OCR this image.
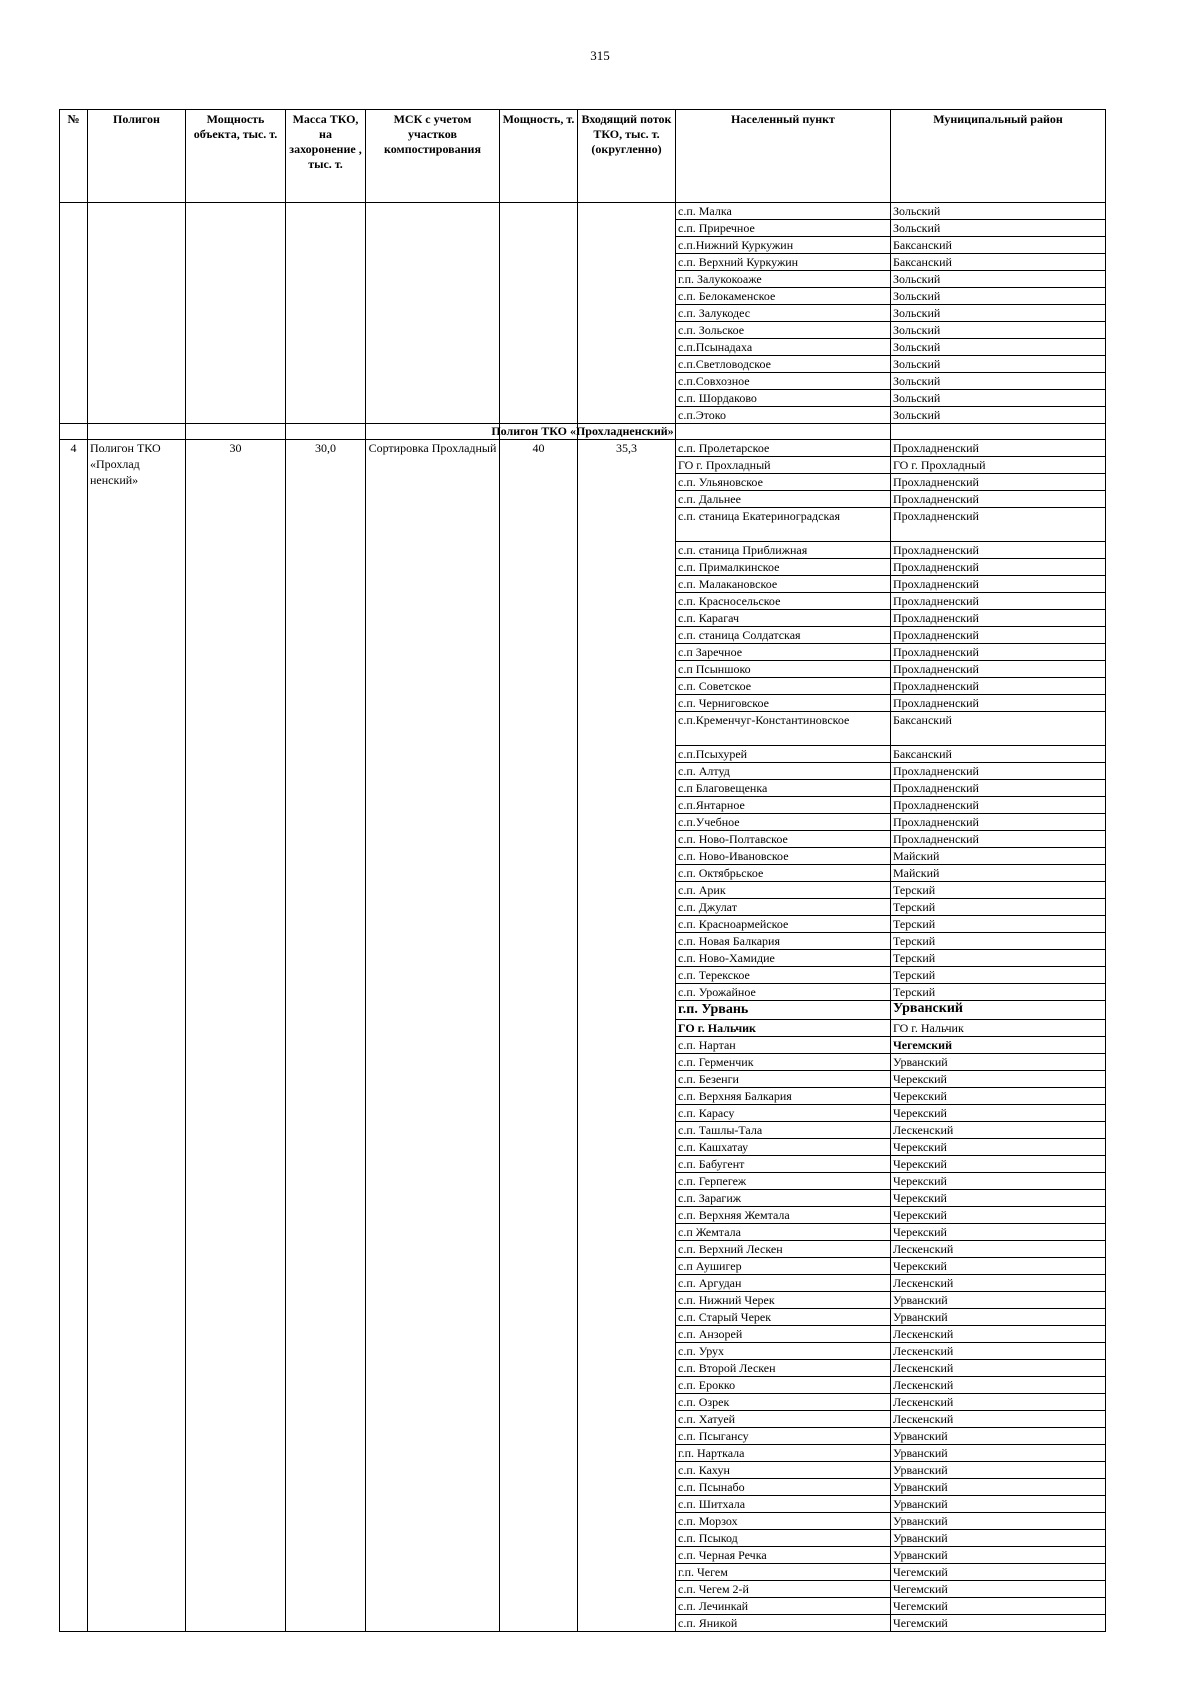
315
№	Полигон	Мощность объекта, тыс. т.	Масса ТКО, на захоронение , тыс. т.	МСК с учетом участков компостирования	Мощность, т.	Входящий поток ТКО, тыс. т. (округленно)	Населенный пункт	Муниципальный район
							с.п. Малка	Зольский
							с.п. Приречное	Зольский
							с.п.Нижний Куркужин	Баксанский
							с.п. Верхний Куркужин	Баксанский
							г.п. Залукокоаже	Зольский
							с.п. Белокаменское	Зольский
							с.п. Залукодес	Зольский
							с.п. Зольское	Зольский
							с.п.Псынадаха	Зольский
							с.п.Светловодское	Зольский
							с.п.Совхозное	Зольский
							с.п. Шордаково	Зольский
							с.п.Этоко	Зольский
Полигон ТКО «Прохладненский»								
4	Полигон ТКО «Прохлад ненский»	30	30,0	Сортировка Прохладный	40	35,3	с.п. Пролетарское	Прохладненский
							ГО г. Прохладный	ГО г. Прохладный
							с.п. Ульяновское	Прохладненский
							с.п. Дальнее	Прохладненский
							с.п. станица Екатериноградская	Прохладненский
							с.п. станица Приближная	Прохладненский
							с.п. Прималкинское	Прохладненский
							с.п. Малакановское	Прохладненский
							с.п. Красносельское	Прохладненский
							с.п. Карагач	Прохладненский
							с.п. станица Солдатская	Прохладненский
							с.п Заречное	Прохладненский
							с.п Псыншоко	Прохладненский
							с.п. Советское	Прохладненский
							с.п. Черниговское	Прохладненский
							с.п.Кременчуг-Константиновское	Баксанский
							с.п.Псыхурей	Баксанский
							с.п. Алтуд	Прохладненский
							с.п Благовещенка	Прохладненский
							с.п.Янтарное	Прохладненский
							с.п.Учебное	Прохладненский
							с.п. Ново-Полтавское	Прохладненский
							с.п. Ново-Ивановское	Майский
							с.п. Октябрьское	Майский
							с.п. Арик	Терский
							с.п. Джулат	Терский
							с.п. Красноармейское	Терский
							с.п. Новая Балкария	Терский
							с.п. Ново-Хамидие	Терский
							с.п. Терекское	Терский
							с.п. Урожайное	Терский
							г.п. Урвань	Урванский
							ГО г. Нальчик	ГО г. Нальчик
							с.п. Нартан	Чегемский
							с.п. Герменчик	Урванский
							с.п. Безенги	Черекский
							с.п. Верхняя Балкария	Черекский
							с.п. Карасу	Черекский
							с.п. Ташлы-Тала	Лескенский
							с.п. Кашхатау	Черекский
							с.п. Бабугент	Черекский
							с.п. Герпегеж	Черекский
							с.п. Зарагиж	Черекский
							с.п. Верхняя Жемтала	Черекский
							с.п Жемтала	Черекский
							с.п. Верхний Лескен	Лескенский
							с.п Аушигер	Черекский
							с.п. Аргудан	Лескенский
							с.п. Нижний Черек	Урванский
							с.п. Старый Черек	Урванский
							с.п. Анзорей	Лескенский
							с.п. Урух	Лескенский
							с.п. Второй Лескен	Лескенский
							с.п. Ерокко	Лескенский
							с.п. Озрек	Лескенский
							с.п. Хатуей	Лескенский
							с.п. Псыгансу	Урванский
							г.п. Нарткала	Урванский
							с.п. Кахун	Урванский
							с.п. Псынабо	Урванский
							с.п. Шитхала	Урванский
							с.п. Морзох	Урванский
							с.п. Псыкод	Урванский
							с.п. Черная Речка	Урванский
							г.п. Чегем	Чегемский
							с.п. Чегем 2-й	Чегемский
							с.п. Лечинкай	Чегемский
							с.п. Яникой	Чегемский
